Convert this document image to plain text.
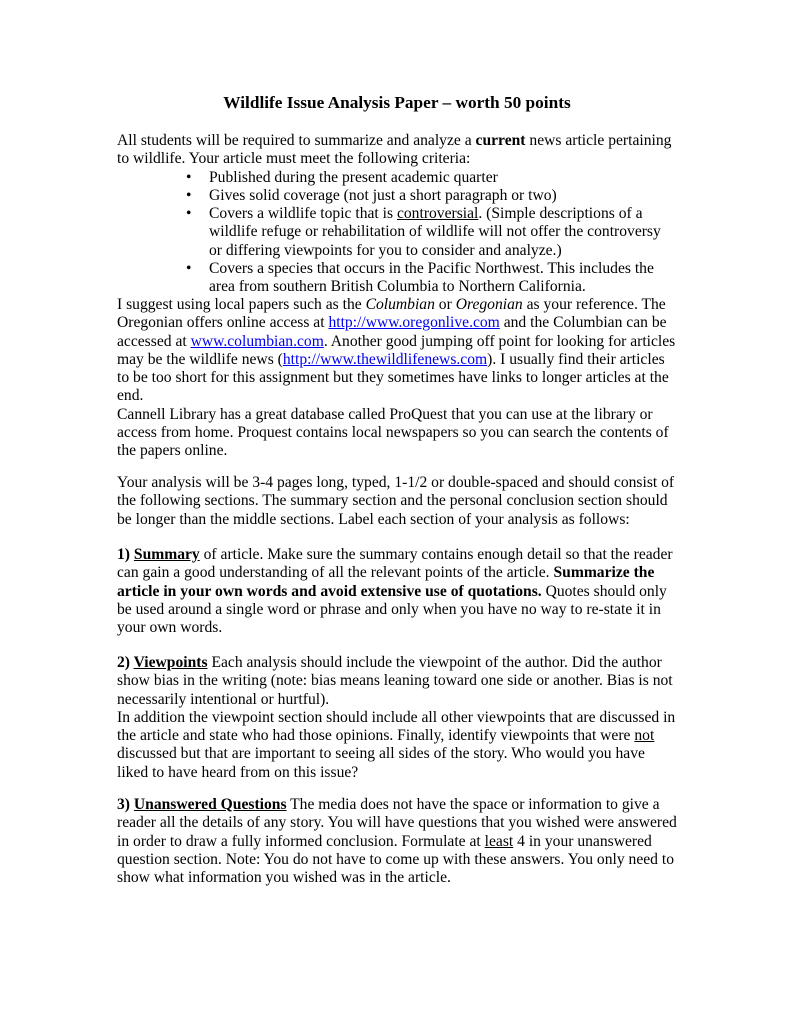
Wildlife Issue Analysis Paper – worth 50 points

All students will be required to summarize and analyze a current news article pertaining to wildlife. Your article must meet the following criteria:

• Published during the present academic quarter
• Gives solid coverage (not just a short paragraph or two)
• Covers a wildlife topic that is controversial. (Simple descriptions of a wildlife refuge or rehabilitation of wildlife will not offer the controversy or differing viewpoints for you to consider and analyze.)
• Covers a species that occurs in the Pacific Northwest. This includes the area from southern British Columbia to Northern California.

I suggest using local papers such as the Columbian or Oregonian as your reference. The Oregonian offers online access at http://www.oregonlive.com and the Columbian can be accessed at www.columbian.com. Another good jumping off point for looking for articles may be the wildlife news (http://www.thewildlifenews.com). I usually find their articles to be too short for this assignment but they sometimes have links to longer articles at the end.

Cannell Library has a great database called ProQuest that you can use at the library or access from home. Proquest contains local newspapers so you can search the contents of the papers online.

Your analysis will be 3-4 pages long, typed, 1-1/2 or double-spaced and should consist of the following sections. The summary section and the personal conclusion section should be longer than the middle sections. Label each section of your analysis as follows:

1) Summary of article. Make sure the summary contains enough detail so that the reader can gain a good understanding of all the relevant points of the article. Summarize the article in your own words and avoid extensive use of quotations. Quotes should only be used around a single word or phrase and only when you have no way to re-state it in your own words.

2) Viewpoints Each analysis should include the viewpoint of the author. Did the author show bias in the writing (note: bias means leaning toward one side or another. Bias is not necessarily intentional or hurtful).

In addition the viewpoint section should include all other viewpoints that are discussed in the article and state who had those opinions. Finally, identify viewpoints that were not discussed but that are important to seeing all sides of the story. Who would you have liked to have heard from on this issue?

3) Unanswered Questions The media does not have the space or information to give a reader all the details of any story. You will have questions that you wished were answered in order to draw a fully informed conclusion. Formulate at least 4 in your unanswered question section. Note: You do not have to come up with these answers. You only need to show what information you wished was in the article.
